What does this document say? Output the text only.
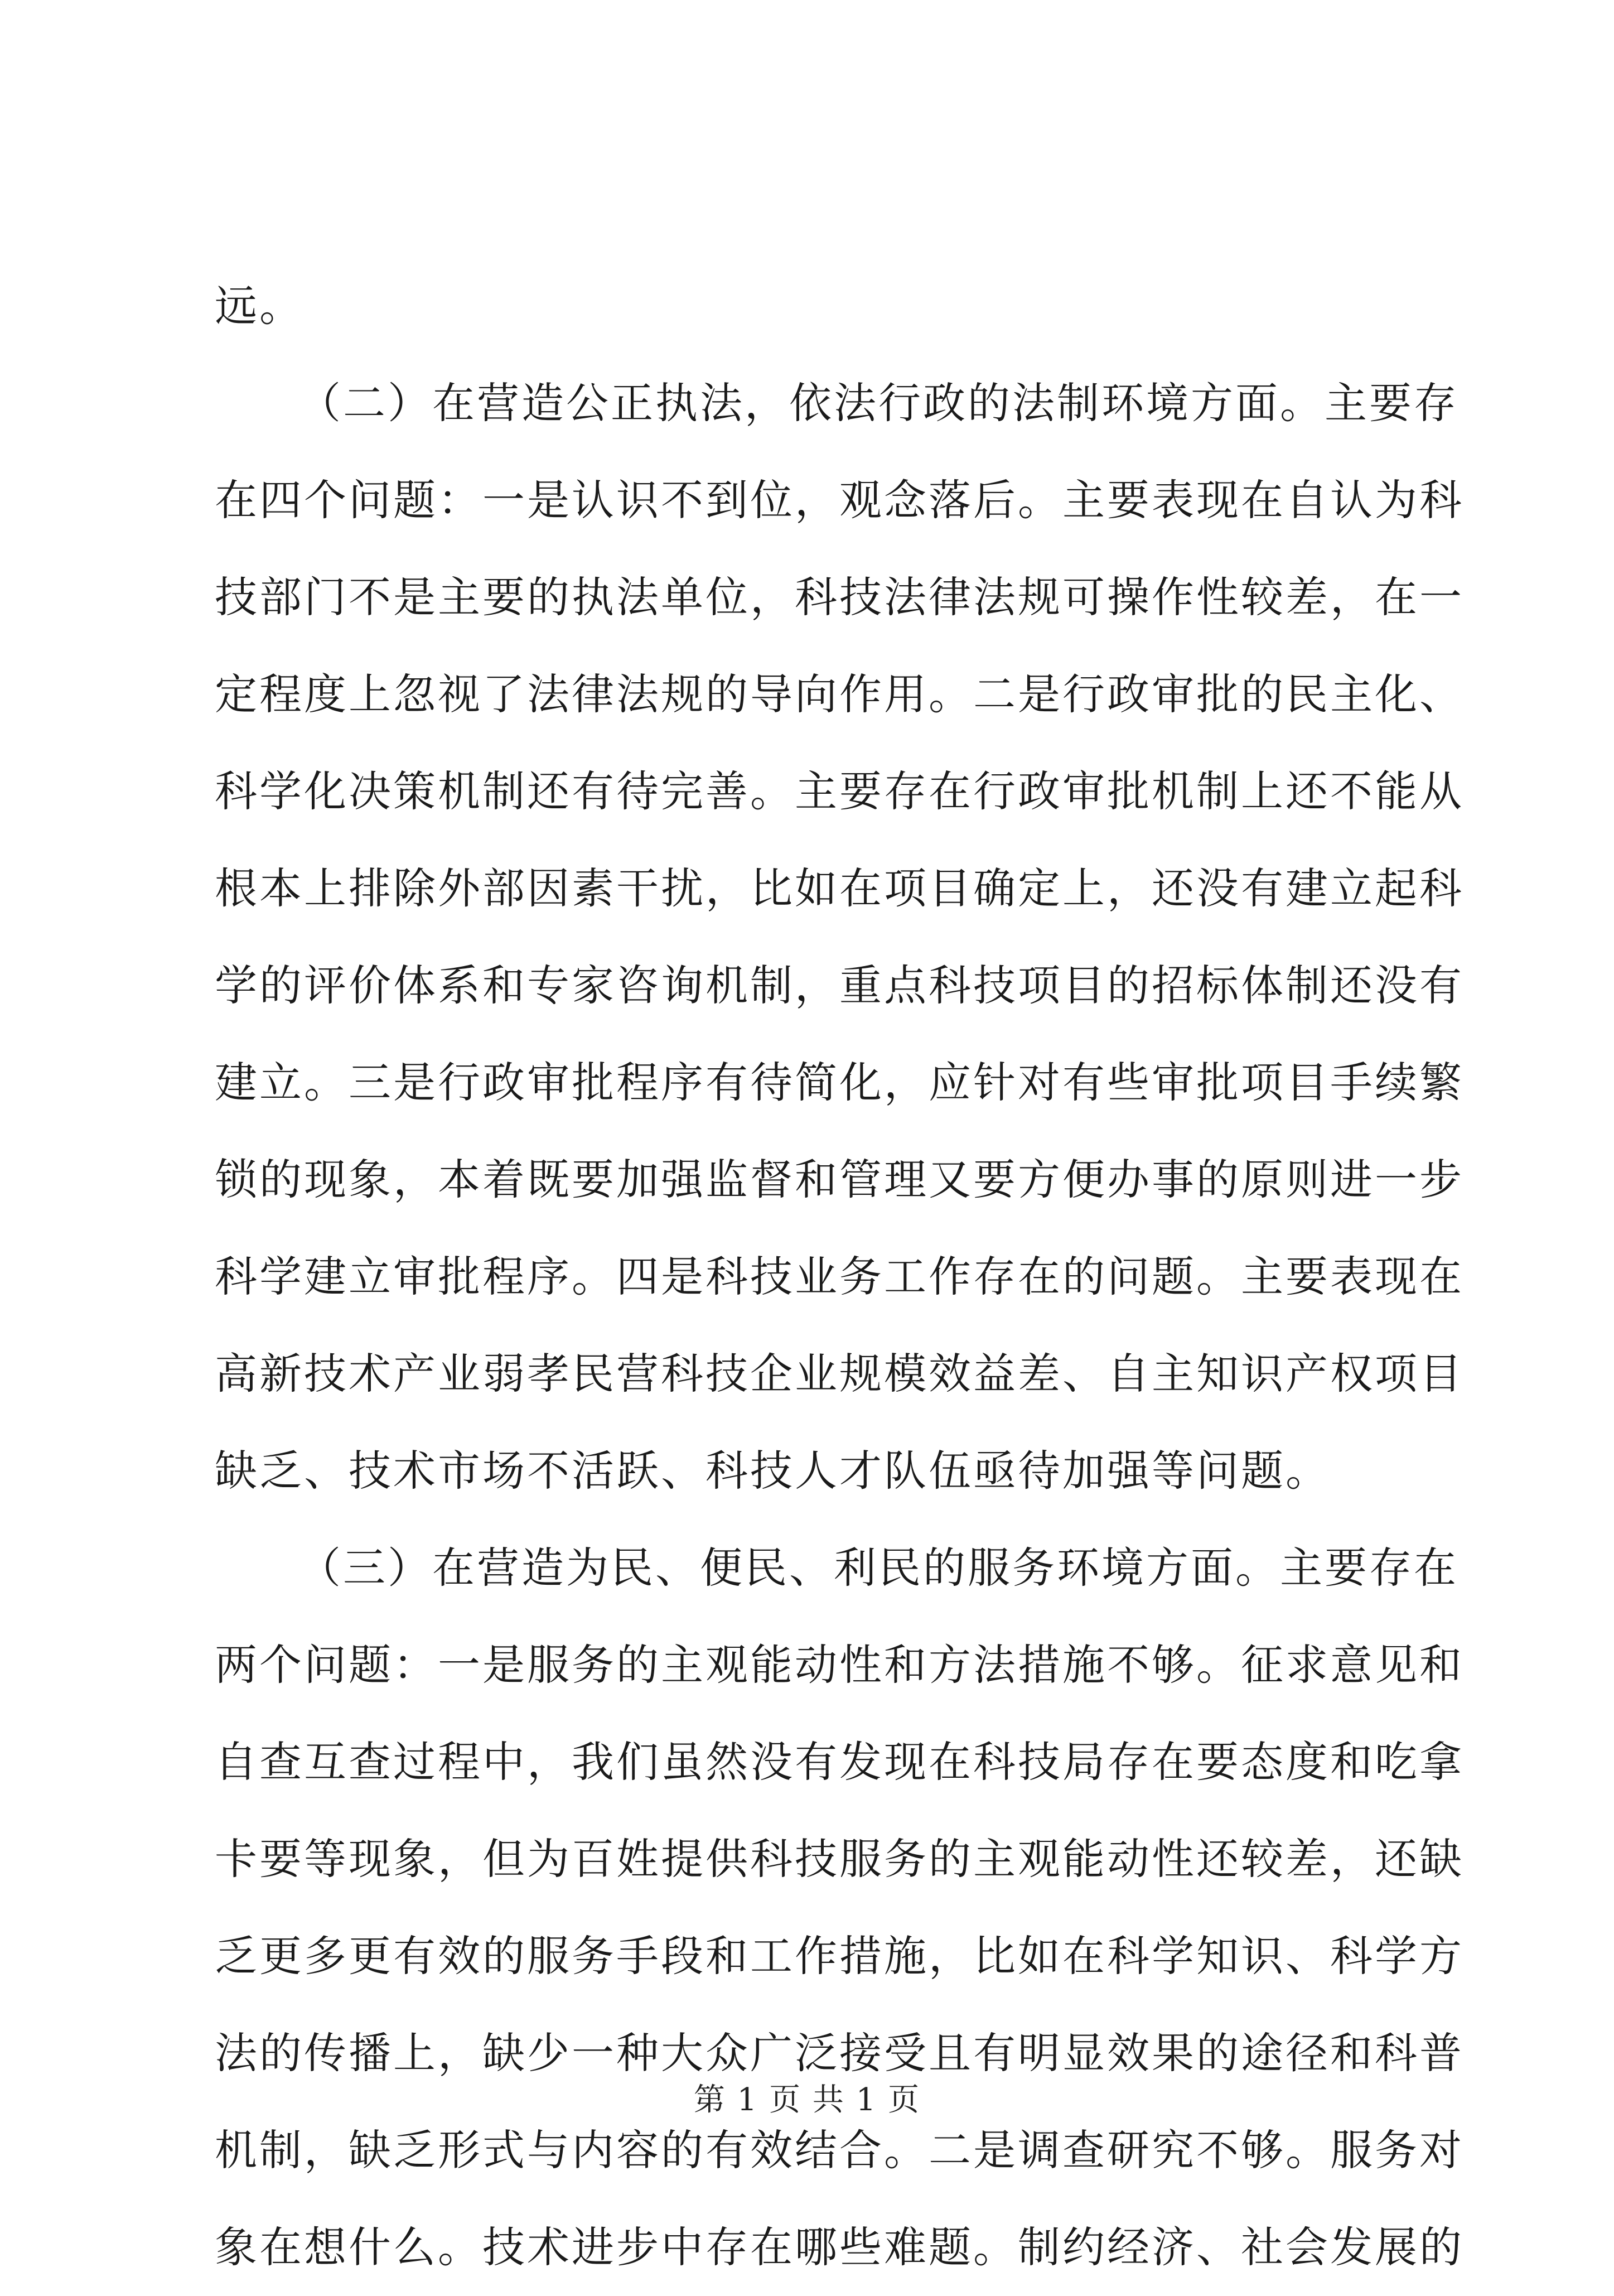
远。
（二）在营造公正执法，依法行政的法制环境方面。主要存
在四个问题：一是认识不到位，观念落后。主要表现在自认为科
技部门不是主要的执法单位，科技法律法规可操作性较差，在一
定程度上忽视了法律法规的导向作用。二是行政审批的民主化、
科学化决策机制还有待完善。主要存在行政审批机制上还不能从
根本上排除外部因素干扰，比如在项目确定上，还没有建立起科
学的评价体系和专家咨询机制，重点科技项目的招标体制还没有
建立。三是行政审批程序有待简化，应针对有些审批项目手续繁
锁的现象，本着既要加强监督和管理又要方便办事的原则进一步
科学建立审批程序。四是科技业务工作存在的问题。主要表现在
高新技术产业弱孝民营科技企业规模效益差、自主知识产权项目
缺乏、技术市场不活跃、科技人才队伍亟待加强等问题。
（三）在营造为民、便民、利民的服务环境方面。主要存在
两个问题：一是服务的主观能动性和方法措施不够。征求意见和
自查互查过程中，我们虽然没有发现在科技局存在要态度和吃拿
卡要等现象，但为百姓提供科技服务的主观能动性还较差，还缺
乏更多更有效的服务手段和工作措施，比如在科学知识、科学方
法的传播上，缺少一种大众广泛接受且有明显效果的途径和科普
机制，缺乏形式与内容的有效结合。二是调查研究不够。服务对
象在想什么。技术进步中存在哪些难题。制约经济、社会发展的
第 1 页 共 1 页
